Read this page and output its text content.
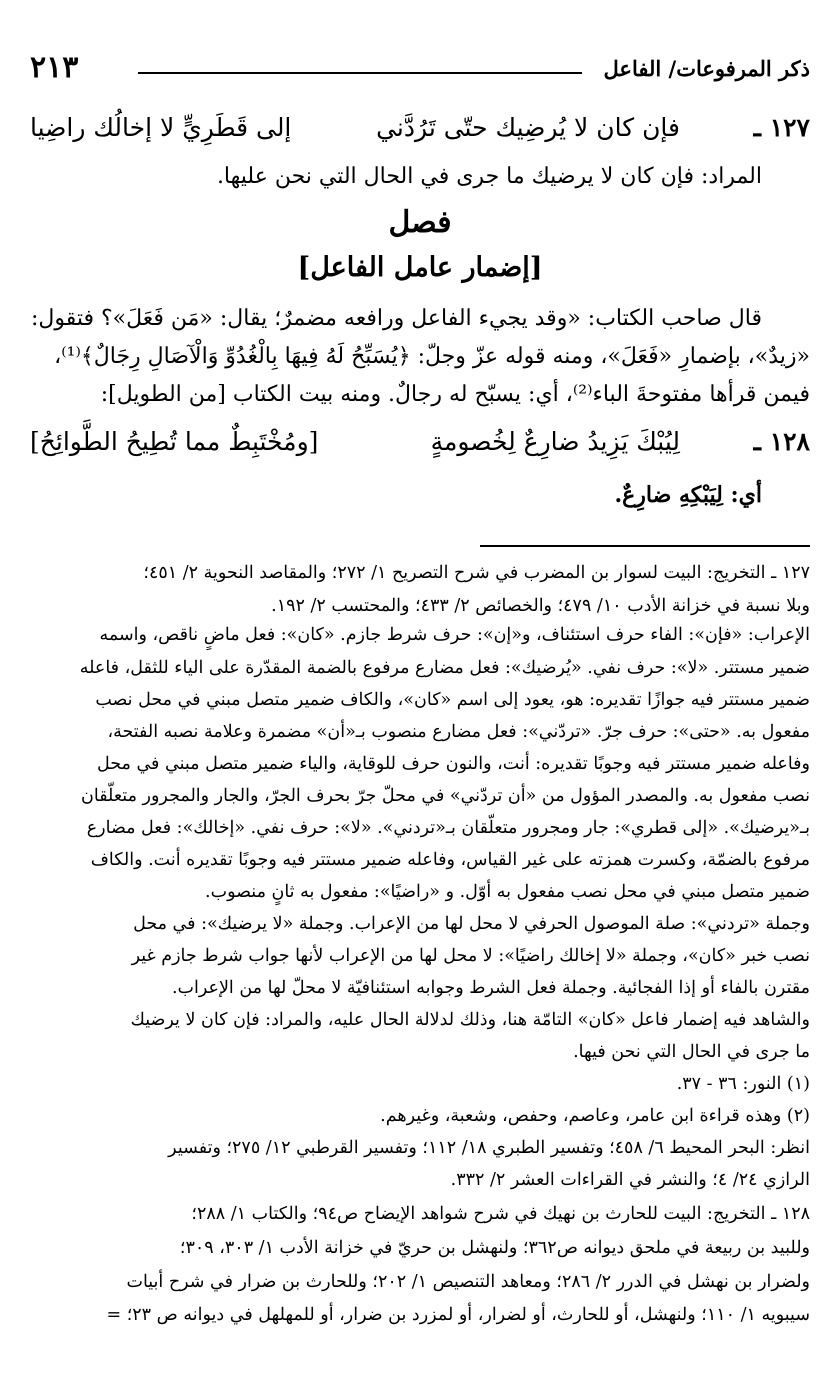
ذكر المرفوعات/ الفاعل
٢١٣
١٢٧ ـ
فإن كان لا يُرضِيك حتّى تَرُدَّني
إلى قَطَرِيٍّ لا إخالُك راضِيا
المراد: فإن كان لا يرضيك ما جرى في الحال التي نحن عليها.
فصل
[إضمار عامل الفاعل]
قال صاحب الكتاب: «وقد يجيء الفاعل ورافعه مضمرٌ؛ يقال: «مَن فَعَلَ»؟ فتقول:
«زيدٌ»، بإضمارِ «فَعَلَ»، ومنه قوله عزّ وجلّ: ﴿يُسَبِّحُ لَهُ فِيهَا بِالْغُدُوِّ وَالْآصَالِ رِجَالٌ﴾⁽¹⁾،
فيمن قرأها مفتوحةَ الباء⁽²⁾، أي: يسبّح له رجالٌ. ومنه بيت الكتاب [من الطويل]:
١٢٨ ـ
لِيُبْكَ يَزِيدُ ضارِعٌ لِخُصومةٍ
[ومُخْتَبِطٌ مما تُطِيحُ الطَّوائِحُ]
أي: لِيَبْكِهِ ضارِعٌ.
١٢٧ ـ التخريج: البيت لسوار بن المضرب في شرح التصريح ١/ ٢٧٢؛ والمقاصد النحوية ٢/ ٤٥١؛
وبلا نسبة في خزانة الأدب ١٠/ ٤٧٩؛ والخصائص ٢/ ٤٣٣؛ والمحتسب ٢/ ١٩٢.
الإعراب: «فإن»: الفاء حرف استئناف، و«إن»: حرف شرط جازم. «كان»: فعل ماضٍ ناقص، واسمه
ضمير مستتر. «لا»: حرف نفي. «يُرضيك»: فعل مضارع مرفوع بالضمة المقدّرة على الياء للثقل، فاعله
ضمير مستتر فيه جوازًا تقديره: هو، يعود إلى اسم «كان»، والكاف ضمير متصل مبني في محل نصب
مفعول به. «حتى»: حرف جرّ. «تردّني»: فعل مضارع منصوب بـ«أن» مضمرة وعلامة نصبه الفتحة،
وفاعله ضمير مستتر فيه وجوبًا تقديره: أنت، والنون حرف للوقاية، والياء ضمير متصل مبني في محل
نصب مفعول به. والمصدر المؤول من «أن تردّني» في محلّ جرّ بحرف الجرّ، والجار والمجرور متعلّقان
بـ«يرضيك». «إلى قطري»: جار ومجرور متعلّقان بـ«تردني». «لا»: حرف نفي. «إخالك»: فعل مضارع
مرفوع بالضمّة، وكسرت همزته على غير القياس، وفاعله ضمير مستتر فيه وجوبًا تقديره أنت. والكاف
ضمير متصل مبني في محل نصب مفعول به أوّل. و «راضيًا»: مفعول به ثانٍ منصوب.
وجملة «تردني»: صلة الموصول الحرفي لا محل لها من الإعراب. وجملة «لا يرضيك»: في محل
نصب خبر «كان»، وجملة «لا إخالك راضيًا»: لا محل لها من الإعراب لأنها جواب شرط جازم غير
مقترن بالفاء أو إذا الفجائية. وجملة فعل الشرط وجوابه استئنافيّة لا محلّ لها من الإعراب.
والشاهد فيه إضمار فاعل «كان» التامّة هنا، وذلك لدلالة الحال عليه، والمراد: فإن كان لا يرضيك
ما جرى في الحال التي نحن فيها.
(١) النور: ٣٦ - ٣٧.
(٢) وهذه قراءة ابن عامر، وعاصم، وحفص، وشعبة، وغيرهم.
انظر: البحر المحيط ٦/ ٤٥٨؛ وتفسير الطبري ١٨/ ١١٢؛ وتفسير القرطبي ١٢/ ٢٧٥؛ وتفسير
الرازي ٢٤/ ٤؛ والنشر في القراءات العشر ٢/ ٣٣٢.
١٢٨ ـ التخريج: البيت للحارث بن نهيك في شرح شواهد الإيضاح ص٩٤؛ والكتاب ١/ ٢٨٨؛
وللبيد بن ربيعة في ملحق ديوانه ص٣٦٢؛ ولنهشل بن حريّ في خزانة الأدب ١/ ٣٠٣، ٣٠٩؛
ولضرار بن نهشل في الدرر ٢/ ٢٨٦؛ ومعاهد التنصيص ١/ ٢٠٢؛ وللحارث بن ضرار في شرح أبيات
سيبويه ١/ ١١٠؛ ولنهشل، أو للحارث، أو لضرار، أو لمزرد بن ضرار، أو للمهلهل في ديوانه ص ٢٣؛ =
